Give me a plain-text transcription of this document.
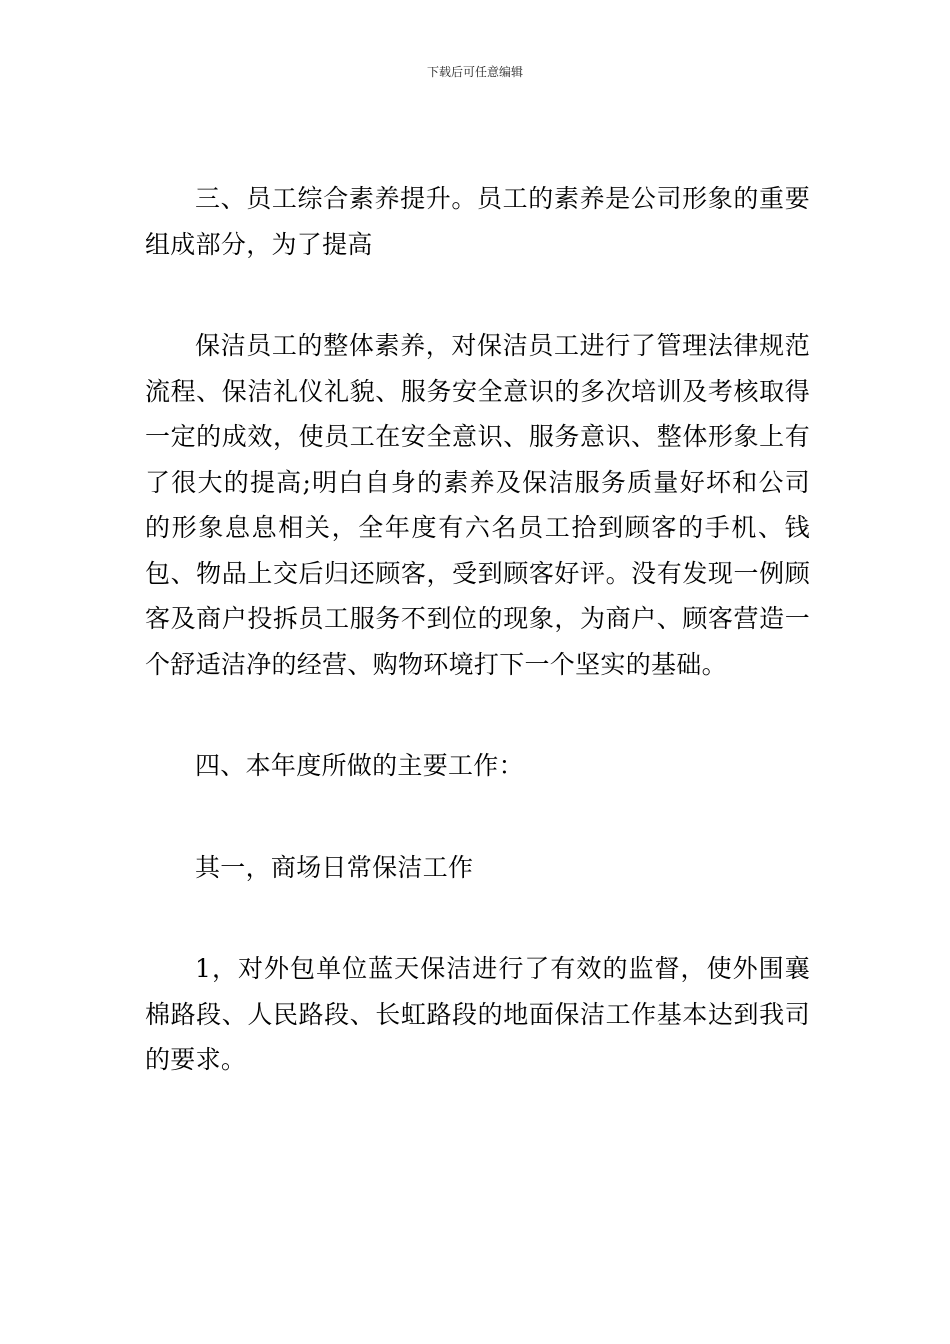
下载后可任意编辑

三、员工综合素养提升。员工的素养是公司形象的重要组成部分，为了提高

保洁员工的整体素养，对保洁员工进行了管理法律规范流程、保洁礼仪礼貌、服务安全意识的多次培训及考核取得一定的成效，使员工在安全意识、服务意识、整体形象上有了很大的提高;明白自身的素养及保洁服务质量好坏和公司的形象息息相关，全年度有六名员工拾到顾客的手机、钱包、物品上交后归还顾客，受到顾客好评。没有发现一例顾客及商户投拆员工服务不到位的现象，为商户、顾客营造一个舒适洁净的经营、购物环境打下一个坚实的基础。

四、本年度所做的主要工作：

其一，商场日常保洁工作

1，对外包单位蓝天保洁进行了有效的监督，使外围襄棉路段、人民路段、长虹路段的地面保洁工作基本达到我司的要求。
